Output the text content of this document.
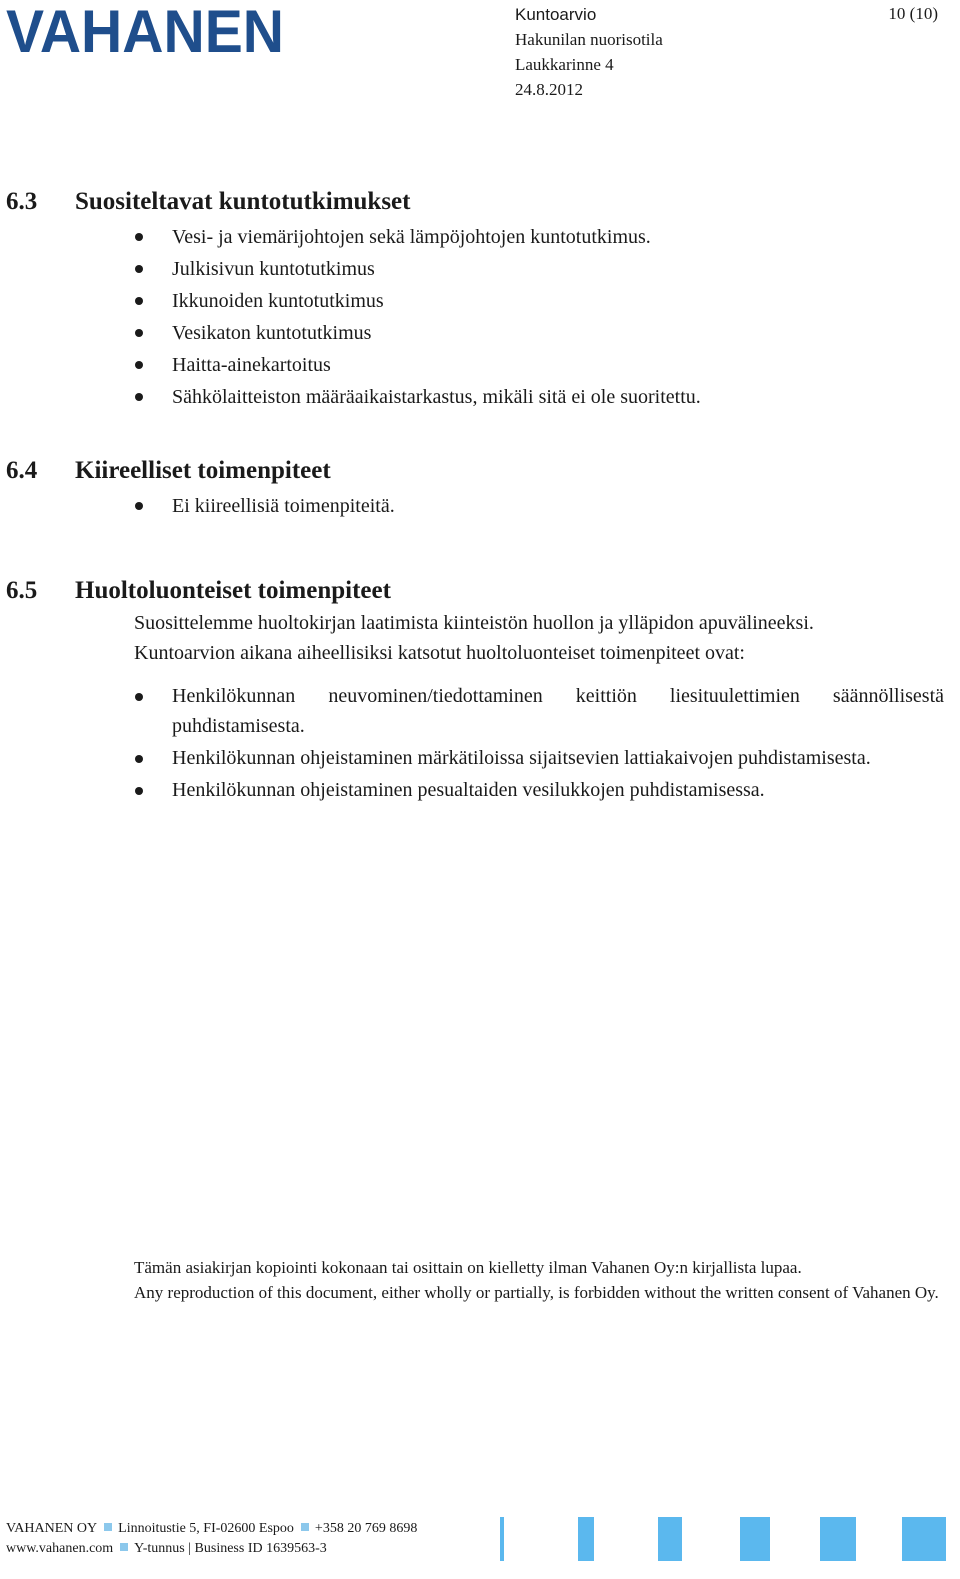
VAHANEN	Kuntoarvio
Hakunilan nuorisotila
Laukkarinne 4
24.8.2012
10 (10)
6.3 Suositeltavat kuntotutkimukset
Vesi- ja viemärijohtojen sekä lämpöjohtojen kuntotutkimus.
Julkisivun kuntotutkimus
Ikkunoiden kuntotutkimus
Vesikaton kuntotutkimus
Haitta-ainekartoitus
Sähkölaitteiston määräaikaistarkastus, mikäli sitä ei ole suoritettu.
6.4 Kiireelliset toimenpiteet
Ei kiireellisiä toimenpiteitä.
6.5 Huoltoluonteiset toimenpiteet
Suosittelemme huoltokirjan laatimista kiinteistön huollon ja ylläpidon apuvälineeksi.
Kuntoarvion aikana aiheellisiksi katsotut huoltoluonteiset toimenpiteet ovat:
Henkilökunnan neuvominen/tiedottaminen keittiön liesituulettimien säännöllisestä puhdistamisesta.
Henkilökunnan ohjeistaminen märkätiloissa sijaitsevien lattiakaivojen puhdistamisesta.
Henkilökunnan ohjeistaminen pesualtaiden vesilukkojen puhdistamisessa.
Tämän asiakirjan kopiointi kokonaan tai osittain on kielletty ilman Vahanen Oy:n kirjallista lupaa.
Any reproduction of this document, either wholly or partially, is forbidden without the written consent of Vahanen Oy.
VAHANEN OY Linnoitustie 5, FI-02600 Espoo +358 20 769 8698
www.vahanen.com Y-tunnus | Business ID 1639563-3
